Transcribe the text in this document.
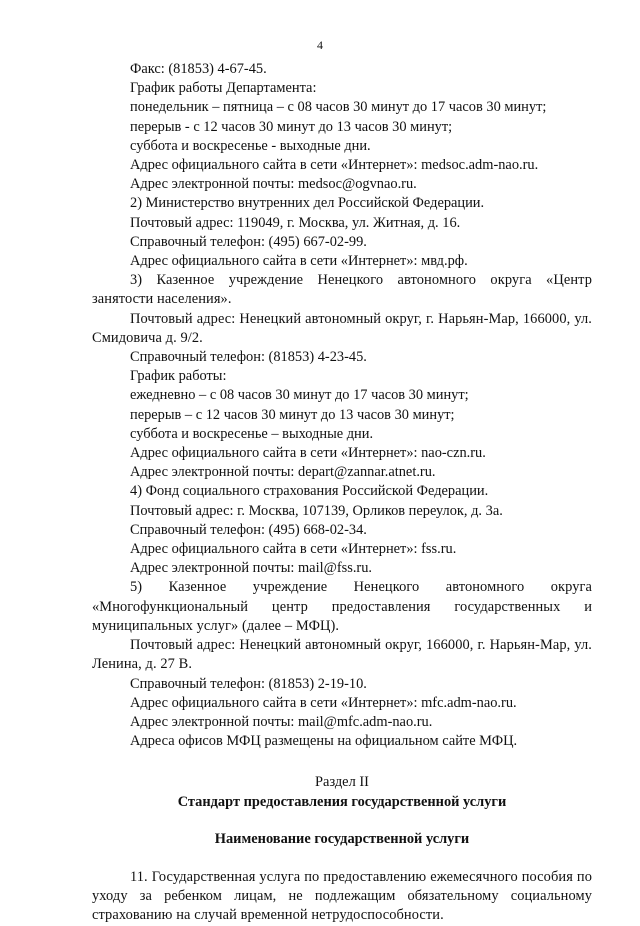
4

Факс: (81853) 4-67-45.

График работы Департамента:

понедельник – пятница – с 08 часов 30 минут до 17 часов 30 минут;

перерыв - с 12 часов 30 минут до 13 часов 30 минут;

суббота и воскресенье - выходные дни.

Адрес официального сайта в сети «Интернет»: medsoc.adm-nao.ru.

Адрес электронной почты: medsoc@ogvnao.ru.

2) Министерство внутренних дел Российской Федерации.

Почтовый адрес: 119049, г. Москва, ул. Житная, д. 16.

Справочный телефон: (495) 667-02-99.

Адрес официального сайта в сети «Интернет»: мвд.рф.

3) Казенное учреждение Ненецкого автономного округа «Центр занятости населения».

Почтовый адрес: Ненецкий автономный округ, г. Нарьян-Мар, 166000, ул. Смидовича д. 9/2.

Справочный телефон: (81853) 4-23-45.

График работы:

ежедневно – с 08 часов 30 минут до 17 часов 30 минут;

перерыв – с 12 часов 30 минут до 13 часов 30 минут;

суббота и воскресенье – выходные дни.

Адрес официального сайта в сети «Интернет»: nao-czn.ru.

Адрес электронной почты: depart@zannar.atnet.ru.

4) Фонд социального страхования Российской Федерации.

Почтовый адрес: г. Москва, 107139, Орликов переулок, д. 3а.

Справочный телефон: (495) 668-02-34.

Адрес официального сайта в сети «Интернет»: fss.ru.

Адрес электронной почты: mail@fss.ru.

5) Казенное учреждение Ненецкого автономного округа «Многофункциональный центр предоставления государственных и муниципальных услуг» (далее – МФЦ).

Почтовый адрес: Ненецкий автономный округ, 166000, г. Нарьян-Мар, ул. Ленина, д. 27 В.

Справочный телефон: (81853) 2-19-10.

Адрес официального сайта в сети «Интернет»: mfc.adm-nao.ru.

Адрес электронной почты: mail@mfc.adm-nao.ru.

Адреса офисов МФЦ размещены на официальном сайте МФЦ.

Раздел II

Стандарт предоставления государственной услуги

Наименование государственной услуги

11. Государственная услуга по предоставлению ежемесячного пособия по уходу за ребенком лицам, не подлежащим обязательному социальному страхованию на случай временной нетрудоспособности.
